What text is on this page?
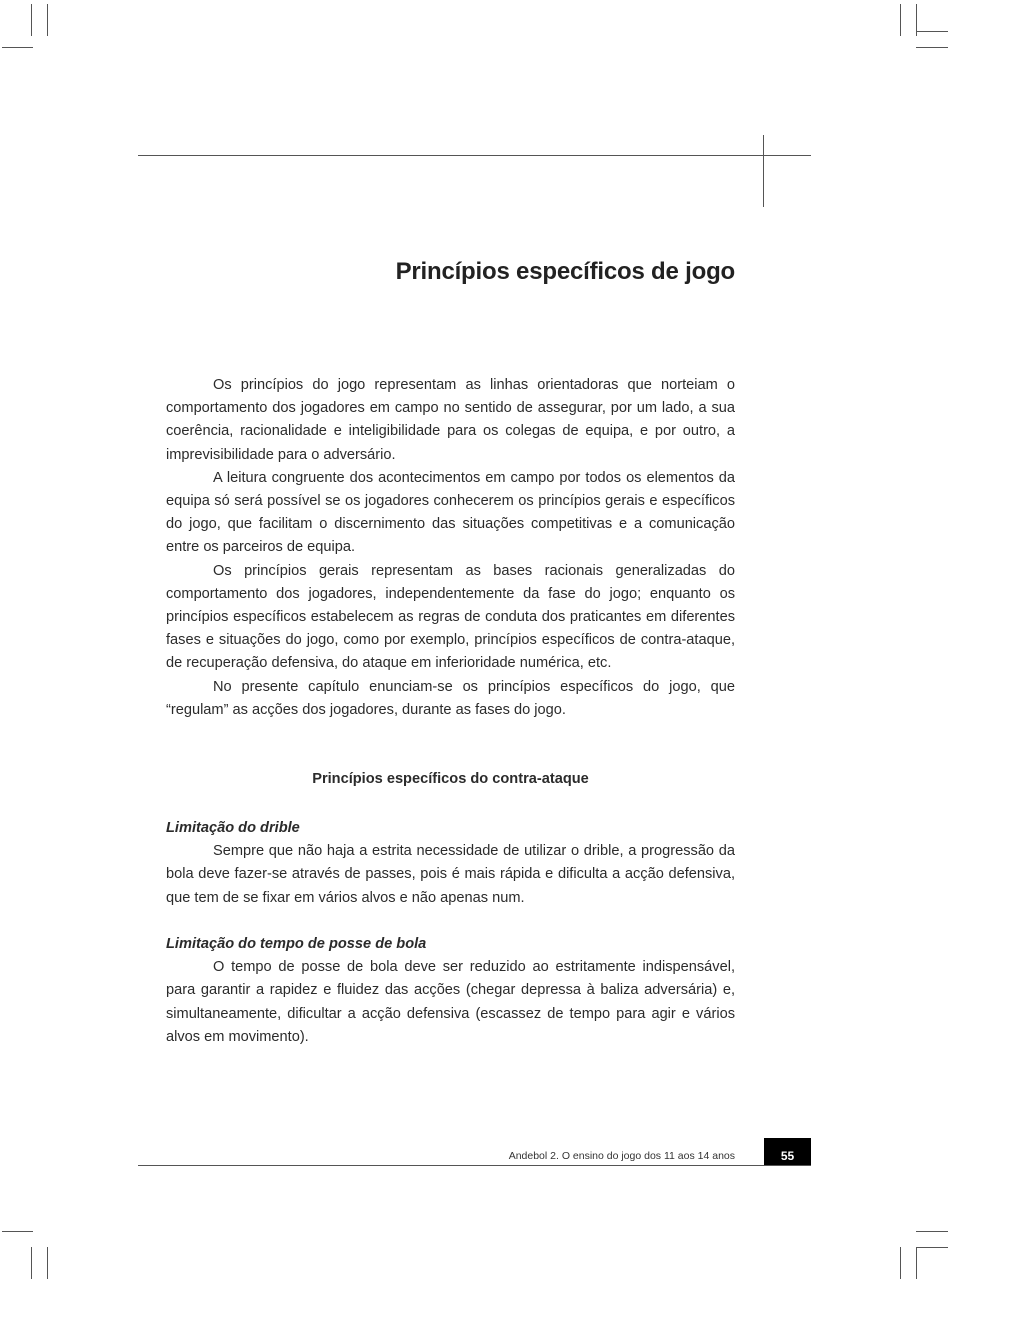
Princípios específicos de jogo

Os princípios do jogo representam as linhas orientadoras que norteiam o comportamento dos jogadores em campo no sentido de assegurar, por um lado, a sua coerência, racionalidade e inteligibilidade para os colegas de equipa, e por outro, a imprevisibilidade para o adversário.

A leitura congruente dos acontecimentos em campo por todos os elementos da equipa só será possível se os jogadores conhecerem os princípios gerais e específicos do jogo, que facilitam o discernimento das situações competitivas e a comunicação entre os parceiros de equipa.

Os princípios gerais representam as bases racionais generalizadas do comportamento dos jogadores, independentemente da fase do jogo; enquanto os princípios específicos estabelecem as regras de conduta dos praticantes em diferentes fases e situações do jogo, como por exemplo, princípios específicos de contra-ataque, de recuperação defensiva, do ataque em inferioridade numérica, etc.

No presente capítulo enunciam-se os princípios específicos do jogo, que “regulam” as acções dos jogadores, durante as fases do jogo.

Princípios específicos do contra-ataque
Limitação do drible

Sempre que não haja a estrita necessidade de utilizar o drible, a progressão da bola deve fazer-se através de passes, pois é mais rápida e dificulta a acção defensiva, que tem de se fixar em vários alvos e não apenas num.

Limitação do tempo de posse de bola

O tempo de posse de bola deve ser reduzido ao estritamente indispensável, para garantir a rapidez e fluidez das acções (chegar depressa à baliza adversária) e, simultaneamente, dificultar a acção defensiva (escassez de tempo para agir e vários alvos em movimento).

Andebol 2. O ensino do jogo dos 11 aos 14 anos	55
